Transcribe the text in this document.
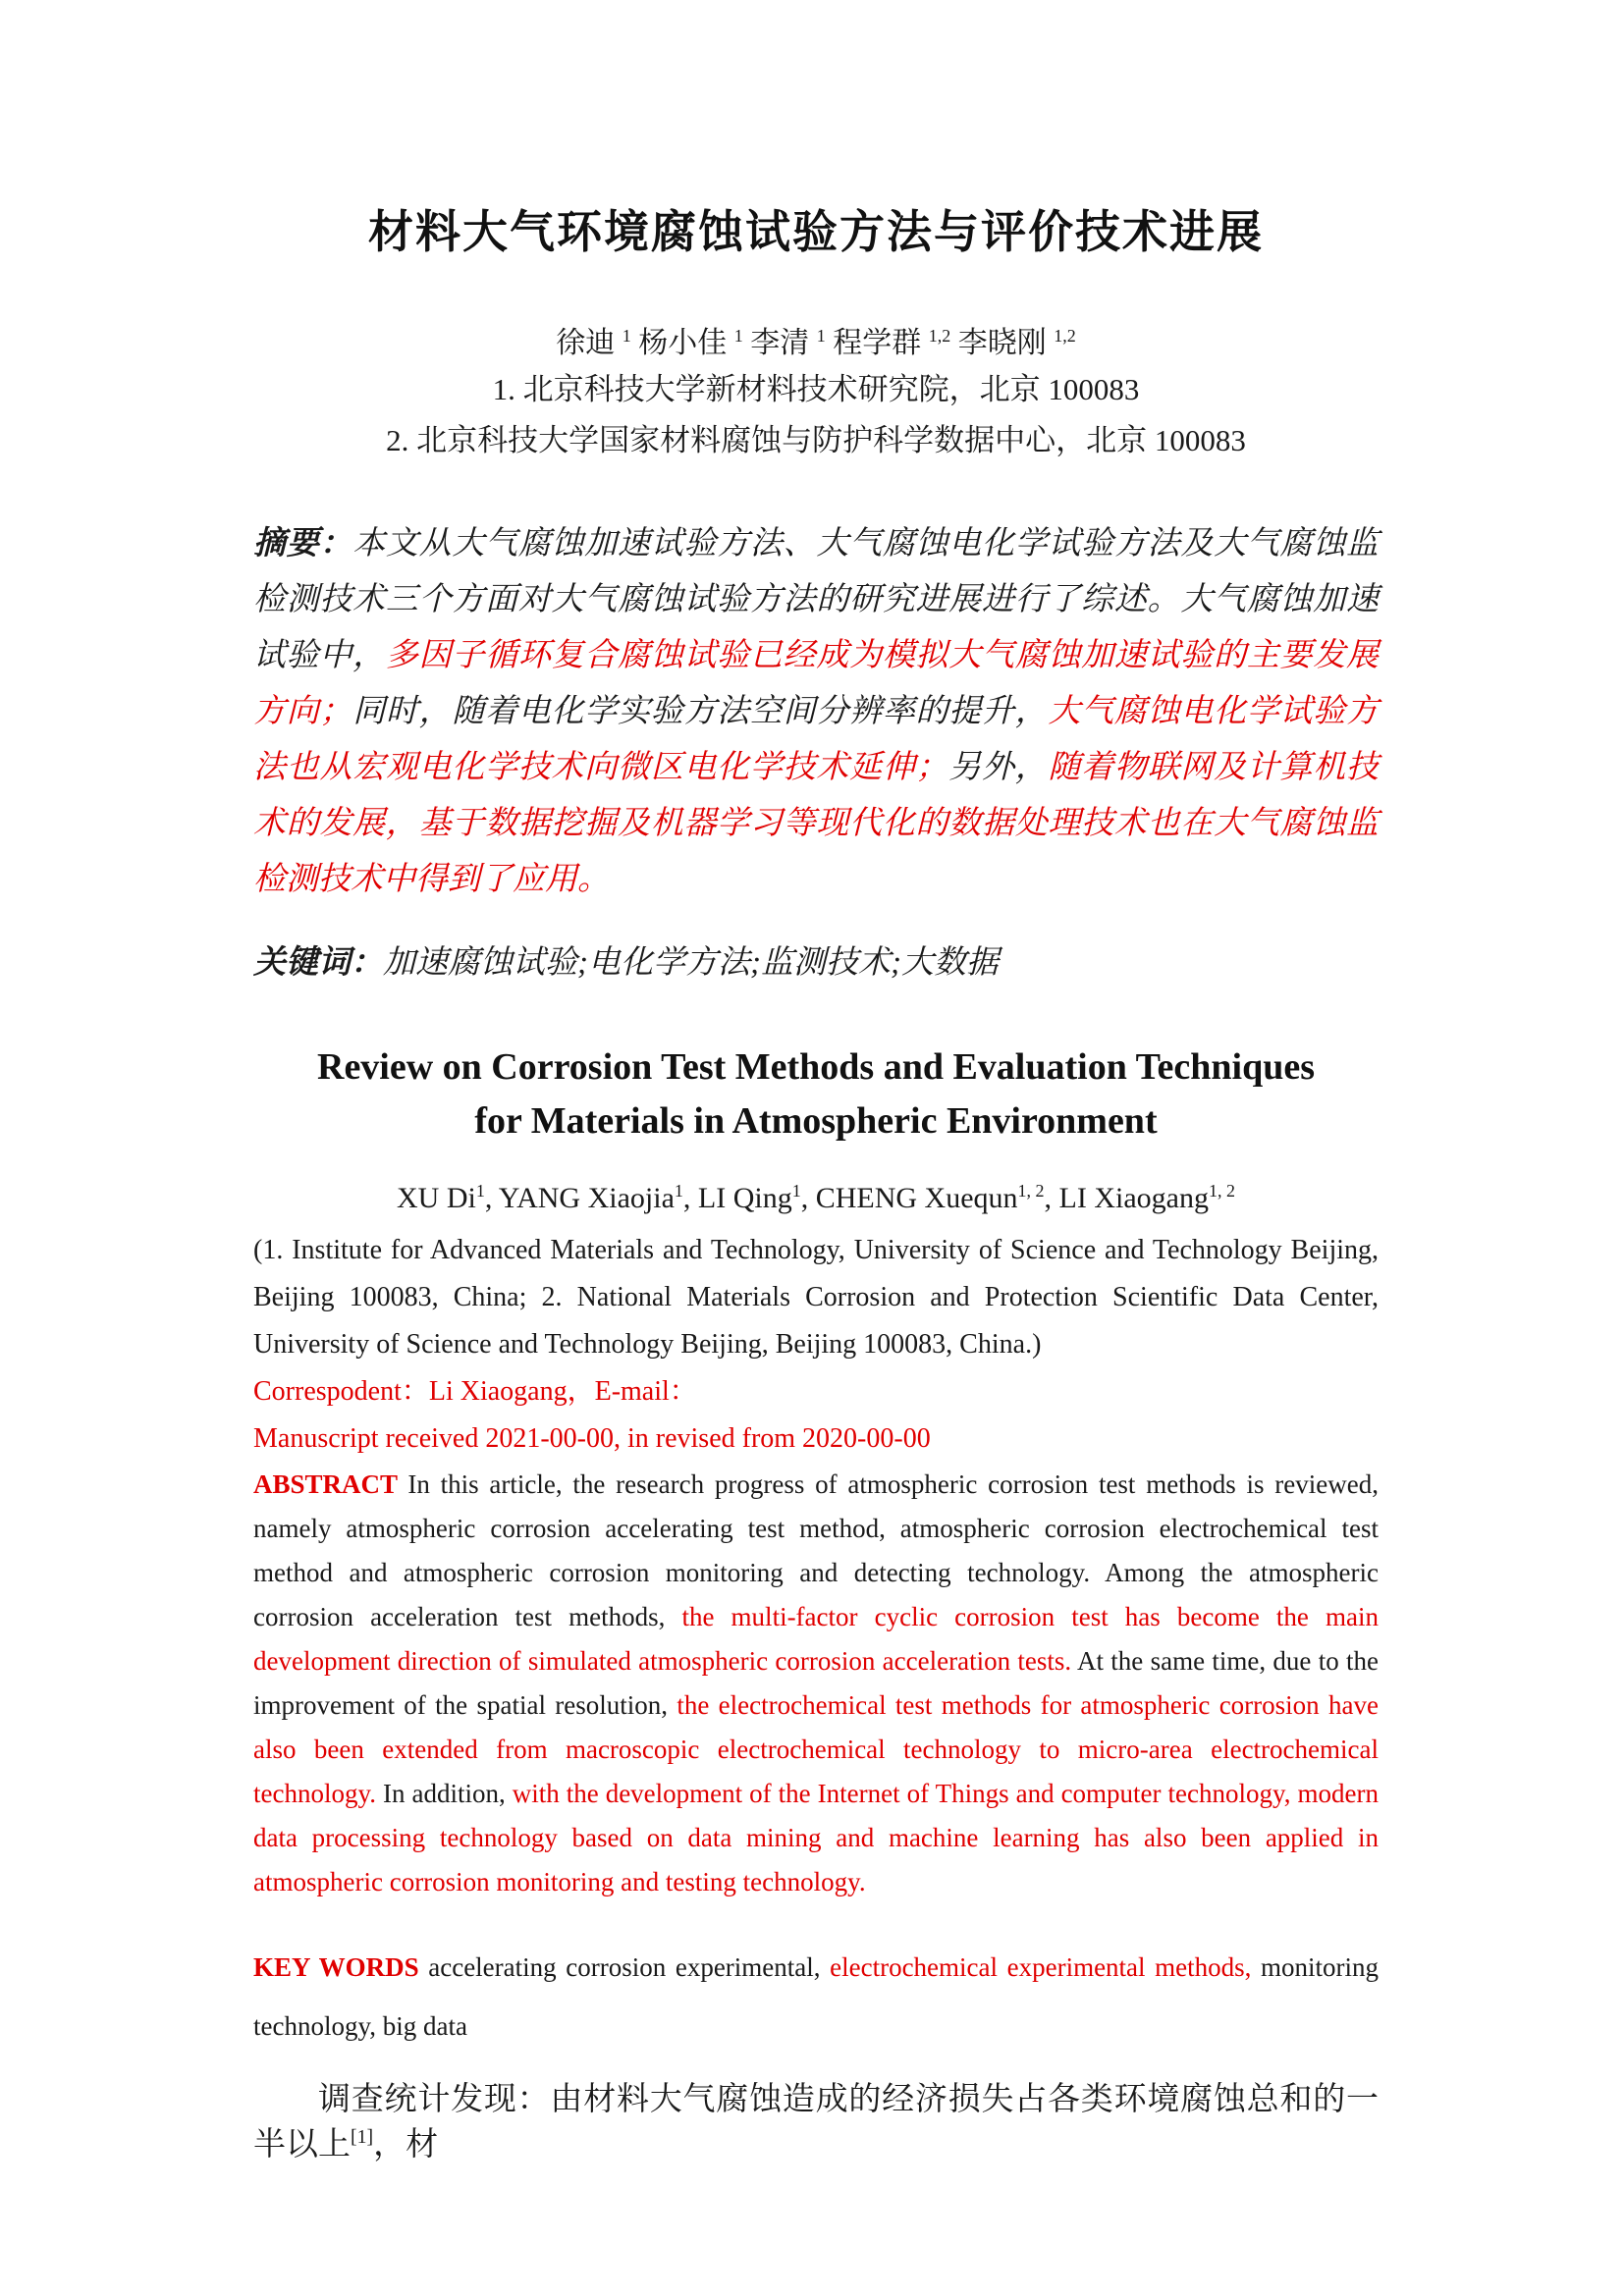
材料大气环境腐蚀试验方法与评价技术进展

徐迪 $^1$ 杨小佳 $^1$ 李清 $^1$ 程学群 $^{1,2}$ 李晓刚 $^{1,2}$

1. 北京科技大学新材料技术研究院，北京 100083

2. 北京科技大学国家材料腐蚀与防护科学数据中心，北京 100083

摘要：本文从大气腐蚀加速试验方法、大气腐蚀电化学试验方法及大气腐蚀监检测技术三个方面对大气腐蚀试验方法的研究进展进行了综述。大气腐蚀加速试验中，多因子循环复合腐蚀试验已经成为模拟大气腐蚀加速试验的主要发展方向；同时，随着电化学实验方法空间分辨率的提升，大气腐蚀电化学试验方法也从宏观电化学技术向微区电化学技术延伸；另外，随着物联网及计算机技术的发展，基于数据挖掘及机器学习等现代化的数据处理技术也在大气腐蚀监检测技术中得到了应用。

关键词：加速腐蚀试验;电化学方法;监测技术;大数据

Review on Corrosion Test Methods and Evaluation Techniques
for Materials in Atmospheric Environment

XU Di$^1$, YANG Xiaojia$^1$, LI Qing$^1$, CHENG Xuequn$^{1, 2}$, LI Xiaogang$^{1, 2}$

(1. Institute for Advanced Materials and Technology, University of Science and Technology Beijing, Beijing 100083, China; 2. National Materials Corrosion and Protection Scientific Data Center, University of Science and Technology Beijing, Beijing 100083, China.)

Correspodent：Li Xiaogang，E-mail：

Manuscript received 2021-00-00, in revised from 2020-00-00

ABSTRACT In this article, the research progress of atmospheric corrosion test methods is reviewed, namely atmospheric corrosion accelerating test method, atmospheric corrosion electrochemical test method and atmospheric corrosion monitoring and detecting technology. Among the atmospheric corrosion acceleration test methods, the multi-factor cyclic corrosion test has become the main development direction of simulated atmospheric corrosion acceleration tests. At the same time, due to the improvement of the spatial resolution, the electrochemical test methods for atmospheric corrosion have also been extended from macroscopic electrochemical technology to micro-area electrochemical technology. In addition, with the development of the Internet of Things and computer technology, modern data processing technology based on data mining and machine learning has also been applied in atmospheric corrosion monitoring and testing technology.

KEY WORDS accelerating corrosion experimental, electrochemical experimental methods, monitoring technology, big data

调查统计发现：由材料大气腐蚀造成的经济损失占各类环境腐蚀总和的一半以上[1]，材
